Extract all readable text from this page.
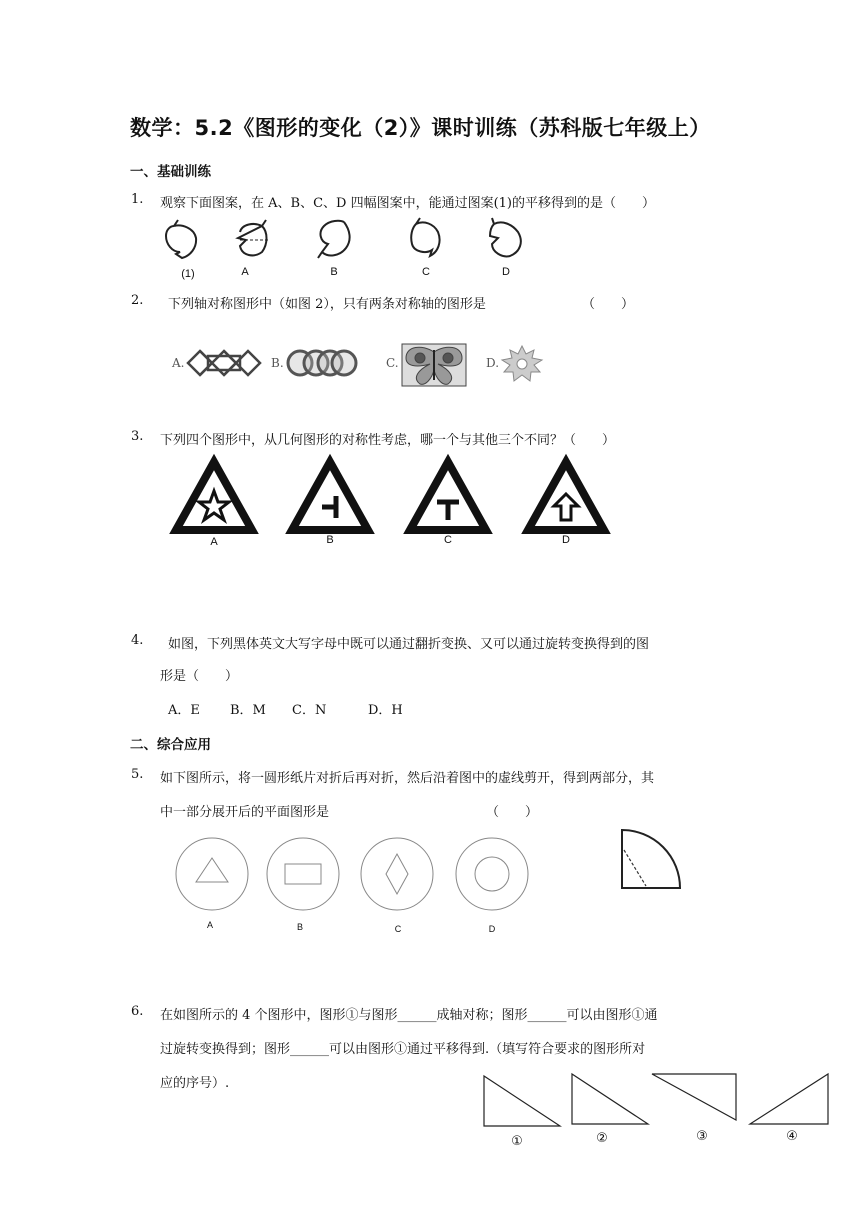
数学：5.2《图形的变化（2）》课时训练（苏科版七年级上）
一、基础训练
1. 观察下面图案，在 A、B、C、D 四幅图案中，能通过图案(1)的平移得到的是（　　）
(1)	A	B	C	D
2. 下列轴对称图形中（如图 2），只有两条对称轴的图形是	（　　）
A.	B.	C.	D.
3. 下列四个图形中，从几何图形的对称性考虑，哪一个与其他三个不同？（　　）
A	B	C	D
4. 如图，下列黑体英文大写字母中既可以通过翻折变换、又可以通过旋转变换得到的图
形是（　　）
A．E B．M C．N	D．H
二、综合应用
5. 如下图所示，将一圆形纸片对折后再对折，然后沿着图中的虚线剪开，得到两部分，其
中一部分展开后的平面图形是	（　　）
A	B	C	D
6. 在如图所示的 4 个图形中，图形①与图形______成轴对称；图形______可以由图形①通
过旋转变换得到；图形______可以由图形①通过平移得到.（填写符合要求的图形所对
应的序号）.
①	②	③	④
